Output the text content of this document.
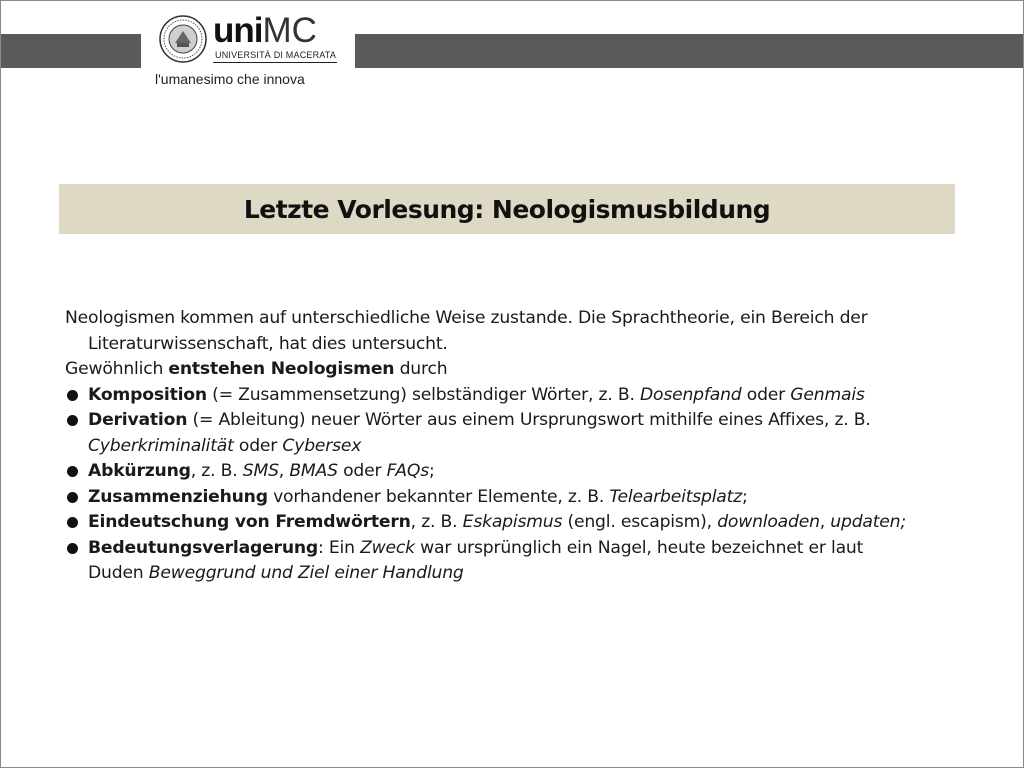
uniMC
UNIVERSITÀ DI MACERATA
l'umanesimo che innova
Letzte Vorlesung: Neologismusbildung

Neologismen kommen auf unterschiedliche Weise zustande. Die Sprachtheorie, ein Bereich der

Literaturwissenschaft, hat dies untersucht.

Gewöhnlich entstehen Neologismen durch

Komposition (= Zusammensetzung) selbständiger Wörter, z. B. Dosenpfand oder Genmais
Derivation (= Ableitung) neuer Wörter aus einem Ursprungswort mithilfe eines Affixes, z. B.
Cyberkriminalität oder Cybersex
Abkürzung, z. B. SMS, BMAS oder FAQs;
Zusammenziehung vorhandener bekannter Elemente, z. B. Telearbeitsplatz;
Eindeutschung von Fremdwörtern, z. B. Eskapismus (engl. escapism), downloaden, updaten;
Bedeutungsverlagerung: Ein Zweck war ursprünglich ein Nagel, heute bezeichnet er laut
Duden Beweggrund und Ziel einer Handlung
